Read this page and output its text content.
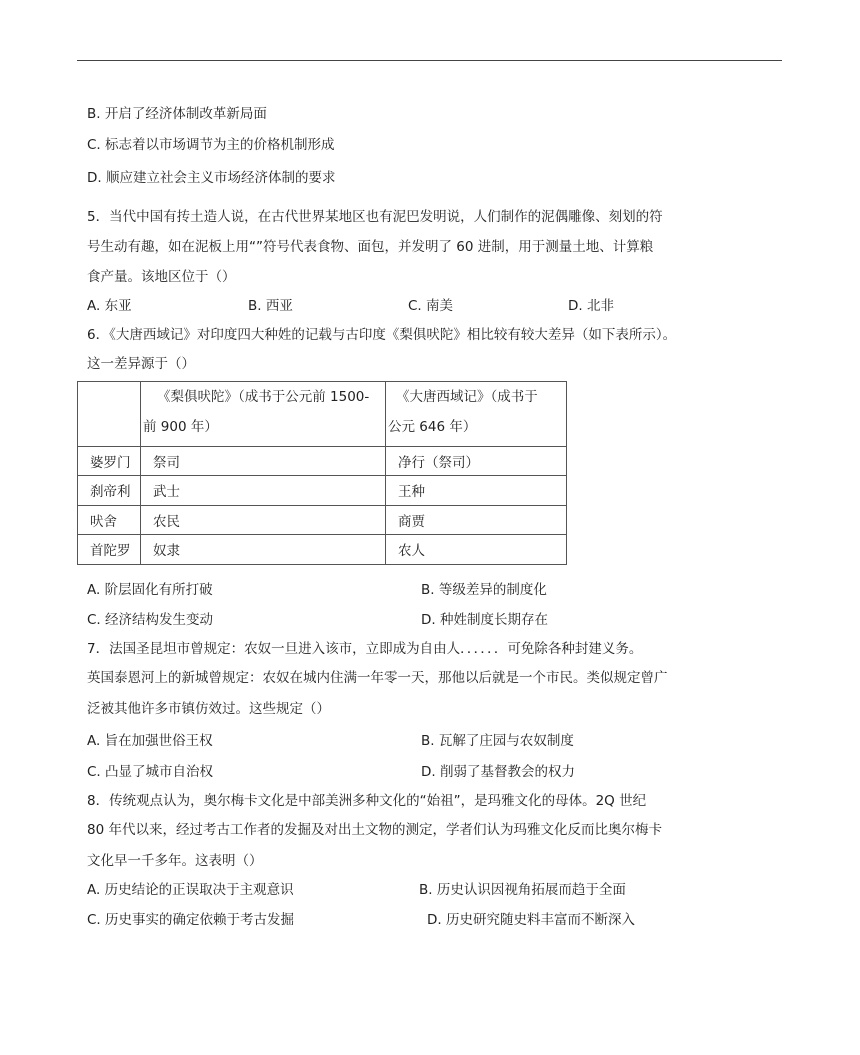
B. 开启了经济体制改革新局面
C. 标志着以市场调节为主的价格机制形成
D. 顺应建立社会主义市场经济体制的要求
5．当代中国有抟土造人说，在古代世界某地区也有泥巴发明说，人们制作的泥偶雕像、刻划的符
号生动有趣，如在泥板上用“”符号代表食物、面包，并发明了 60 进制，用于测量土地、计算粮
食产量。该地区位于（）
A. 东亚	B. 西亚	C. 南美	D. 北非
6．《大唐西域记》对印度四大种姓的记载与古印度《梨俱吠陀》相比较有较大差异（如下表所示）。
这一差异源于（）

	《梨俱吠陀》（成书于公元前 1500-
前 900 年）	《大唐西域记》（成书于
公元 646 年）

婆罗门	祭司	净行（祭司）
刹帝利	武士	王种
吠舍	农民	商贾
首陀罗	奴隶	农人
A. 阶层固化有所打破	B. 等级差异的制度化
C. 经济结构发生变动	D. 种姓制度长期存在
7．法国圣昆坦市曾规定：农奴一旦进入该市，立即成为自由人．．．．．．可免除各种封建义务。
英国泰恩河上的新城曾规定：农奴在城内住满一年零一天，那他以后就是一个市民。类似规定曾广
泛被其他许多市镇仿效过。这些规定（）
A. 旨在加强世俗王权	B. 瓦解了庄园与农奴制度
C. 凸显了城市自治权	D. 削弱了基督教会的权力
8．传统观点认为，奥尔梅卡文化是中部美洲多种文化的“始祖”，是玛雅文化的母体。2Q 世纪
80 年代以来，经过考古工作者的发掘及对出土文物的测定，学者们认为玛雅文化反而比奥尔梅卡
文化早一千多年。这表明（）
A. 历史结论的正误取决于主观意识	B. 历史认识因视角拓展而趋于全面
C. 历史事实的确定依赖于考古发掘	D. 历史研究随史料丰富而不断深入
